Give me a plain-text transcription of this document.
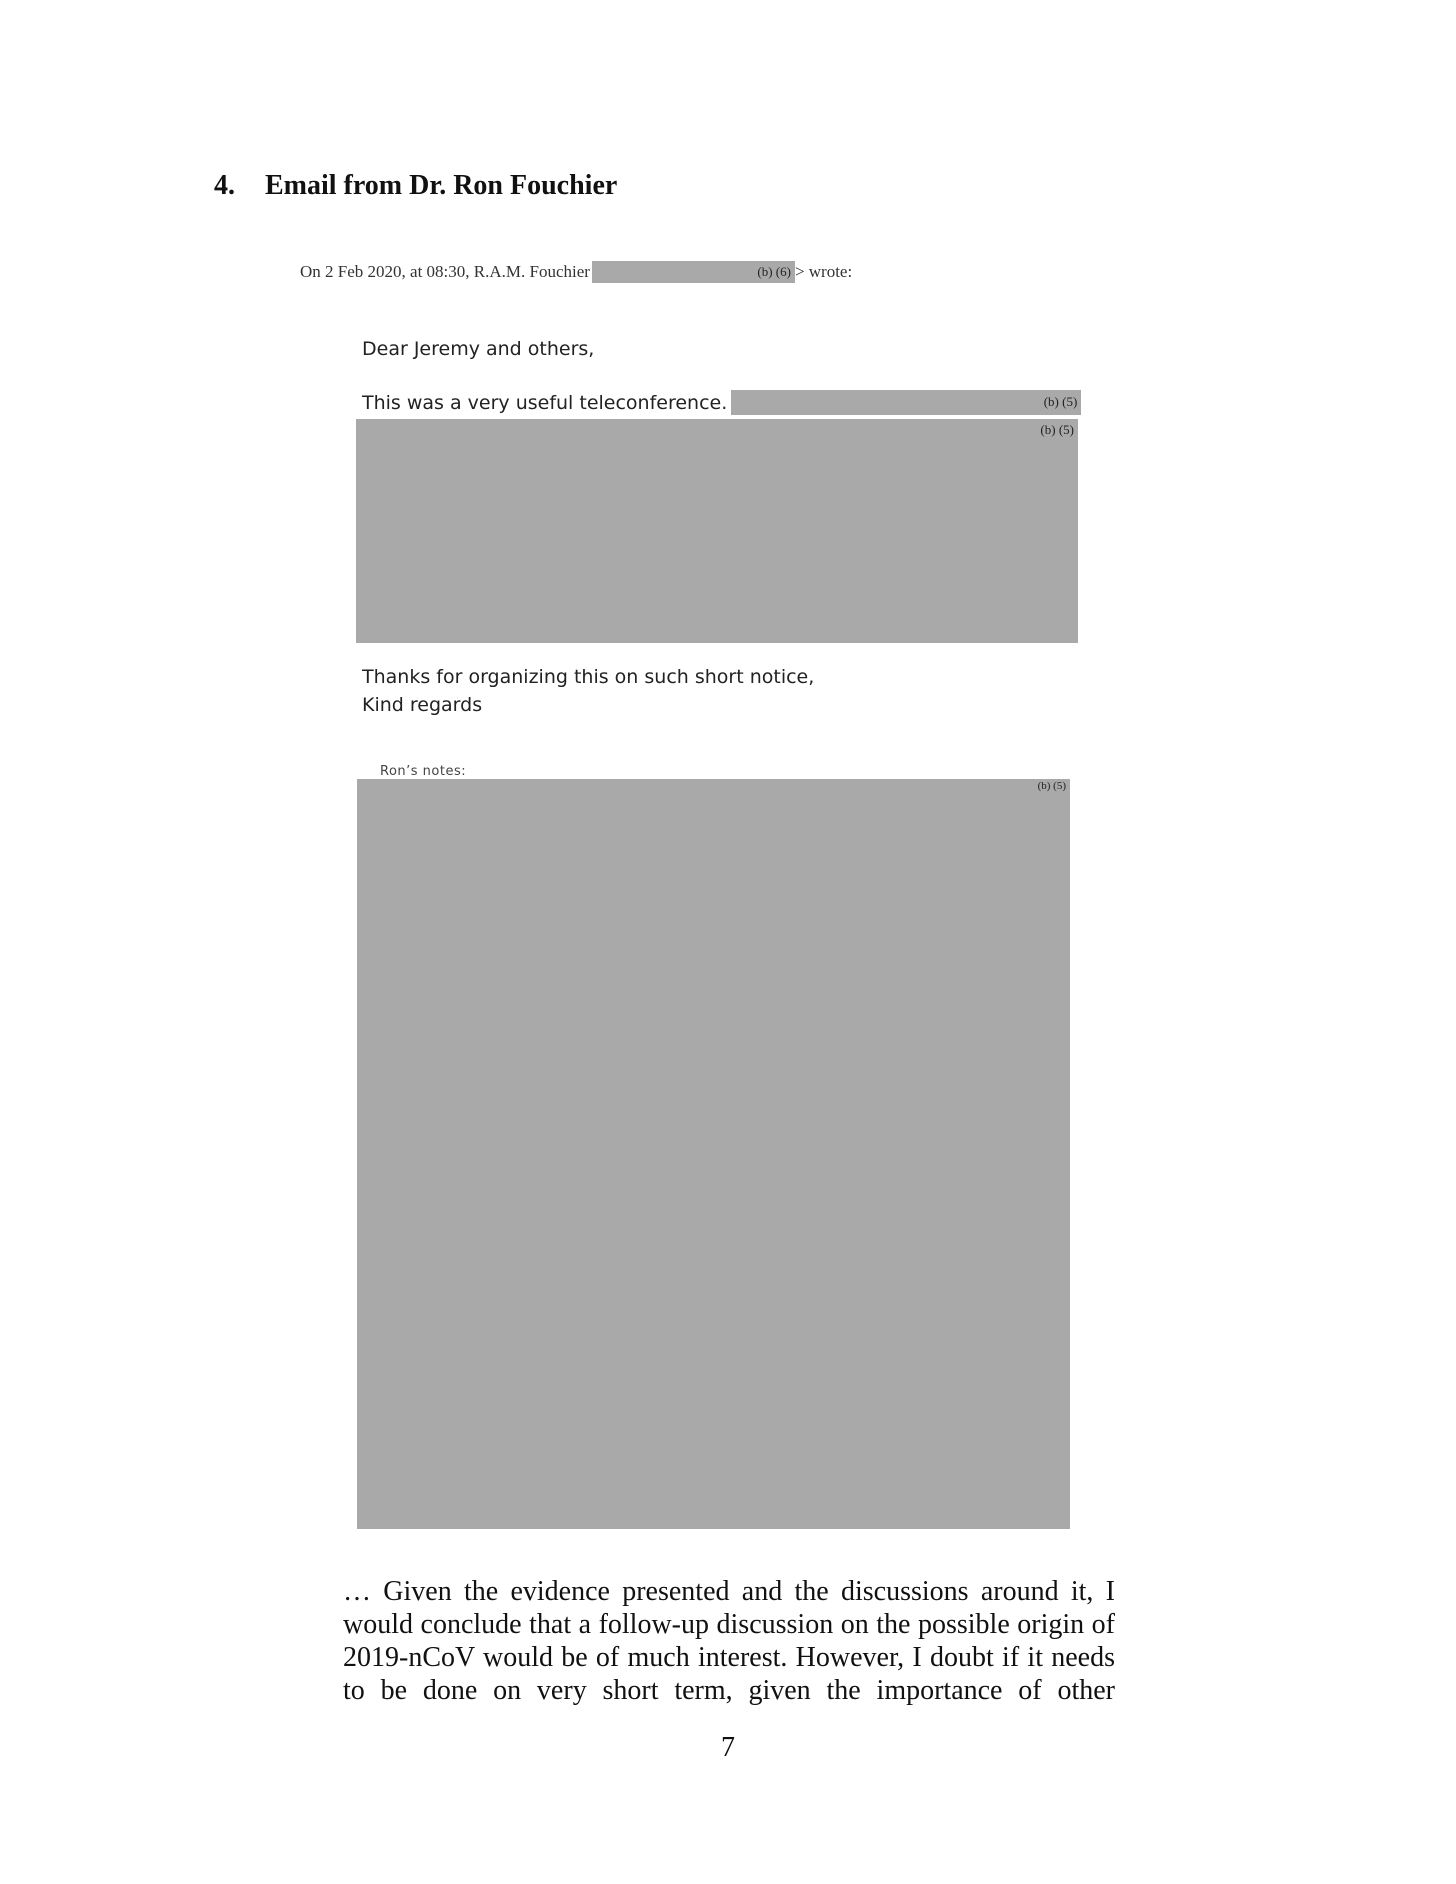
4. Email from Dr. Ron Fouchier
On 2 Feb 2020, at 08:30, R.A.M. Fouchier	(b) (6) > wrote:
Dear Jeremy and others,
This was a very useful teleconference.	(b) (5)
(b) (5)
Thanks for organizing this on such short notice,
Kind regards
Ron’s notes:
(b) (5)
… Given the evidence presented and the discussions around it, I
would conclude that a follow-up discussion on the possible origin of
2019-nCoV would be of much interest. However, I doubt if it needs
to be done on very short term, given the importance of other
7
